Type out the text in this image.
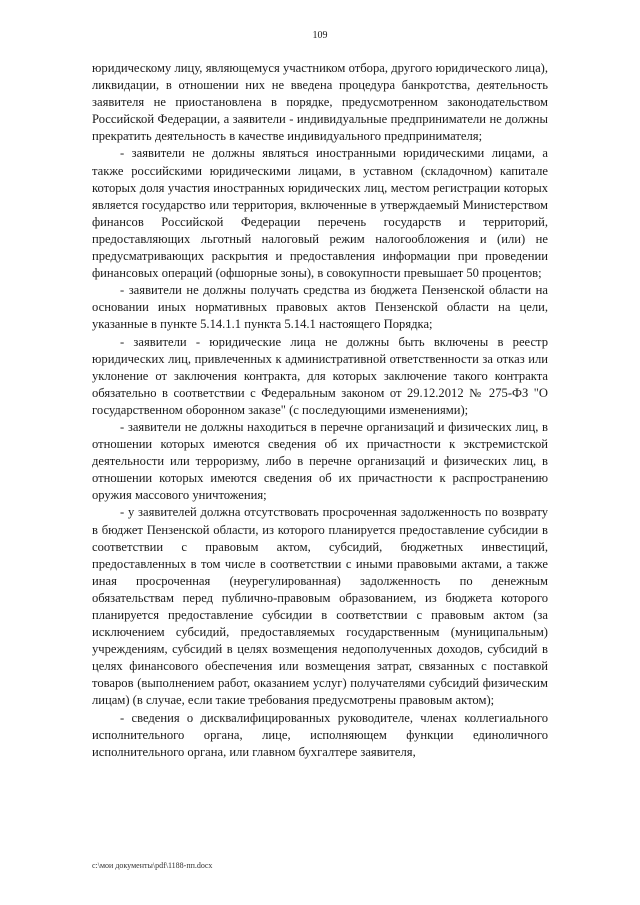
109

юридическому лицу, являющемуся участником отбора, другого юридического лица), ликвидации, в отношении них не введена процедура банкротства, деятельность заявителя не приостановлена в порядке, предусмотренном законодательством Российской Федерации, а заявители - индивидуальные предприниматели не должны прекратить деятельность в качестве индивидуального предпринимателя;

- заявители не должны являться иностранными юридическими лицами, а также российскими юридическими лицами, в уставном (складочном) капитале которых доля участия иностранных юридических лиц, местом регистрации которых является государство или территория, включенные в утверждаемый Министерством финансов Российской Федерации перечень государств и территорий, предоставляющих льготный налоговый режим налогообложения и (или) не предусматривающих раскрытия и предоставления информации при проведении финансовых операций (офшорные зоны), в совокупности превышает 50 процентов;

- заявители не должны получать средства из бюджета Пензенской области на основании иных нормативных правовых актов Пензенской области на цели, указанные в пункте 5.14.1.1 пункта 5.14.1 настоящего Порядка;

- заявители - юридические лица не должны быть включены в реестр юридических лиц, привлеченных к административной ответственности за отказ или уклонение от заключения контракта, для которых заключение такого контракта обязательно в соответствии с Федеральным законом от 29.12.2012 № 275-ФЗ "О государственном оборонном заказе" (с последующими изменениями);

- заявители не должны находиться в перечне организаций и физических лиц, в отношении которых имеются сведения об их причастности к экстремистской деятельности или терроризму, либо в перечне организаций и физических лиц, в отношении которых имеются сведения об их причастности к распространению оружия массового уничтожения;

- у заявителей должна отсутствовать просроченная задолженность по возврату в бюджет Пензенской области, из которого планируется предоставление субсидии в соответствии с правовым актом, субсидий, бюджетных инвестиций, предоставленных в том числе в соответствии с иными правовыми актами, а также иная просроченная (неурегулированная) задолженность по денежным обязательствам перед публично-правовым образованием, из бюджета которого планируется предоставление субсидии в соответствии с правовым актом (за исключением субсидий, предоставляемых государственным (муниципальным) учреждениям, субсидий в целях возмещения недополученных доходов, субсидий в целях финансового обеспечения или возмещения затрат, связанных с поставкой товаров (выполнением работ, оказанием услуг) получателями субсидий физическим лицам) (в случае, если такие требования предусмотрены правовым актом);

- сведения о дисквалифицированных руководителе, членах коллегиального исполнительного органа, лице, исполняющем функции единоличного исполнительного органа, или главном бухгалтере заявителя,

c:\мои документы\pdf\1188-пп.docx
